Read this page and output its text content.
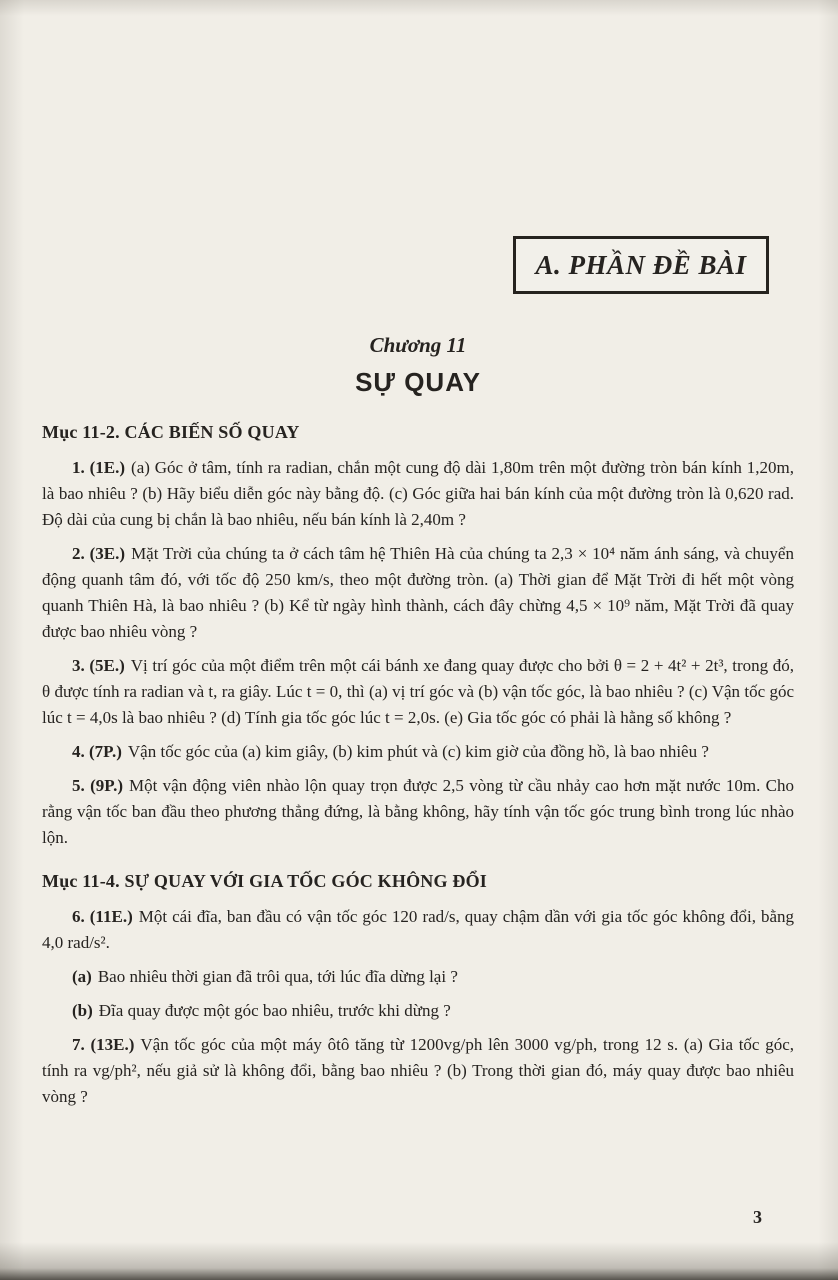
A. PHẦN ĐỀ BÀI
Chương 11
SỰ QUAY
Mục 11-2. CÁC BIẾN SỐ QUAY

1. (1E.) (a) Góc ở tâm, tính ra radian, chắn một cung độ dài 1,80m trên một đường tròn bán kính 1,20m, là bao nhiêu ? (b) Hãy biểu diễn góc này bằng độ. (c) Góc giữa hai bán kính của một đường tròn là 0,620 rad. Độ dài của cung bị chắn là bao nhiêu, nếu bán kính là 2,40m ?

2. (3E.) Mặt Trời của chúng ta ở cách tâm hệ Thiên Hà của chúng ta 2,3 × 10⁴ năm ánh sáng, và chuyển động quanh tâm đó, với tốc độ 250 km/s, theo một đường tròn. (a) Thời gian để Mặt Trời đi hết một vòng quanh Thiên Hà, là bao nhiêu ? (b) Kể từ ngày hình thành, cách đây chừng 4,5 × 10⁹ năm, Mặt Trời đã quay được bao nhiêu vòng ?

3. (5E.) Vị trí góc của một điểm trên một cái bánh xe đang quay được cho bởi θ = 2 + 4t² + 2t³, trong đó, θ được tính ra radian và t, ra giây. Lúc t = 0, thì (a) vị trí góc và (b) vận tốc góc, là bao nhiêu ? (c) Vận tốc góc lúc t = 4,0s là bao nhiêu ? (d) Tính gia tốc góc lúc t = 2,0s. (e) Gia tốc góc có phải là hằng số không ?

4. (7P.) Vận tốc góc của (a) kim giây, (b) kim phút và (c) kim giờ của đồng hồ, là bao nhiêu ?

5. (9P.) Một vận động viên nhào lộn quay trọn được 2,5 vòng từ cầu nhảy cao hơn mặt nước 10m. Cho rằng vận tốc ban đầu theo phương thẳng đứng, là bằng không, hãy tính vận tốc góc trung bình trong lúc nhào lộn.

Mục 11-4. SỰ QUAY VỚI GIA TỐC GÓC KHÔNG ĐỔI

6. (11E.) Một cái đĩa, ban đầu có vận tốc góc 120 rad/s, quay chậm dần với gia tốc góc không đổi, bằng 4,0 rad/s².

(a) Bao nhiêu thời gian đã trôi qua, tới lúc đĩa dừng lại ?

(b) Đĩa quay được một góc bao nhiêu, trước khi dừng ?

7. (13E.) Vận tốc góc của một máy ôtô tăng từ 1200vg/ph lên 3000 vg/ph, trong 12 s. (a) Gia tốc góc, tính ra vg/ph², nếu giả sử là không đổi, bằng bao nhiêu ? (b) Trong thời gian đó, máy quay được bao nhiêu vòng ?

3
